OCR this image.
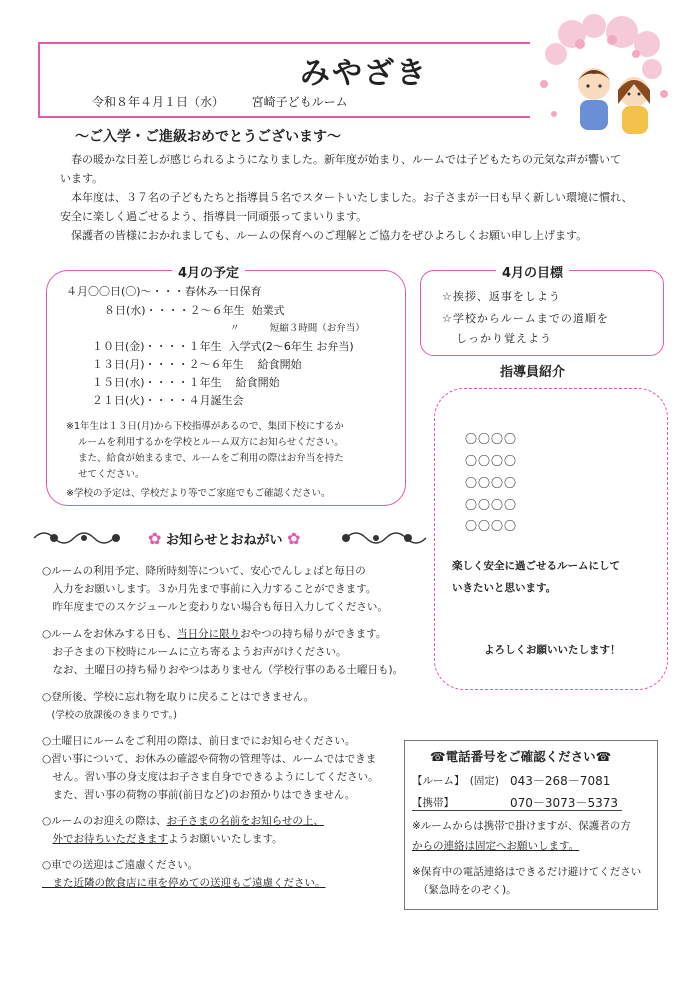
みやざき
令和８年４月１日（水） 宮崎子どもルーム
～ご入学・ご進級おめでとうございます～

　春の暖かな日差しが感じられるようになりました。新年度が始まり、ルームでは子どもたちの元気な声が響いて

います。

　本年度は、３７名の子どもたちと指導員５名でスタートいたしました。お子さまが一日も早く新しい環境に慣れ、

安全に楽しく過ごせるよう、指導員一同頑張ってまいります。

　保護者の皆様におかれましても、ルームの保育へのご理解とご協力をぜひよろしくお願い申し上げます。

4月の予定
４月〇〇日(〇)～・・・春休み一日保育
８日(水)・・・・２～６年生  始業式
〃          短縮３時間（お弁当）
１０日(金)・・・・１年生  入学式(2～6年生 お弁当)
１３日(月)・・・・２～６年生    給食開始
１５日(水)・・・・１年生    給食開始
２１日(火)・・・・４月誕生会
※1年生は１３日(月)から下校指導があるので、集団下校にするか
ルームを利用するかを学校とルーム双方にお知らせください。
また、給食が始まるまで、ルームをご利用の際はお弁当を持た
せてください。
※学校の予定は、学校だより等でご家庭でもご確認ください。
4月の目標
☆挨拶、返事をしよう
☆学校からルームまでの道順を
しっかり覚えよう
指導員紹介
〇〇〇〇
〇〇〇〇
〇〇〇〇
〇〇〇〇
〇〇〇〇
楽しく安全に過ごせるルームにして
いきたいと思います。
よろしくお願いいたします！
✿ お知らせとおねがい ✿
○ルームの利用予定、降所時刻等について、安心でんしょばと毎日の
　入力をお願いします。３か月先まで事前に入力することができます。
　昨年度までのスケジュールと変わりない場合も毎日入力してください。
○ルームをお休みする日も、当日分に限りおやつの持ち帰りができます。
　お子さまの下校時にルームに立ち寄るようお声がけください。
　なお、土曜日の持ち帰りおやつはありません（学校行事のある土曜日も)。
○登所後、学校に忘れ物を取りに戻ることはできません。
　(学校の放課後のきまりです。)
○土曜日にルームをご利用の際は、前日までにお知らせください。
○習い事について、お休みの確認や荷物の管理等は、ルームではできま
　せん。習い事の身支度はお子さま自身でできるようにしてください。
　また、習い事の荷物の事前(前日など)のお預かりはできません。
○ルームのお迎えの際は、お子さまの名前をお知らせの上、
　外でお待ちいただきますようお願いいたします。
○車での送迎はご遠慮ください。
　また近隣の飲食店に車を停めての送迎もご遠慮ください。
☎電話番号をご確認ください☎
【ルーム】　(固定) 043－268－7081
【携帯】	070－3073－5373
※ルームからは携帯で掛けますが、保護者の方
からの連絡は固定へお願いします。
※保育中の電話連絡はできるだけ避けてください
（緊急時をのぞく)。
